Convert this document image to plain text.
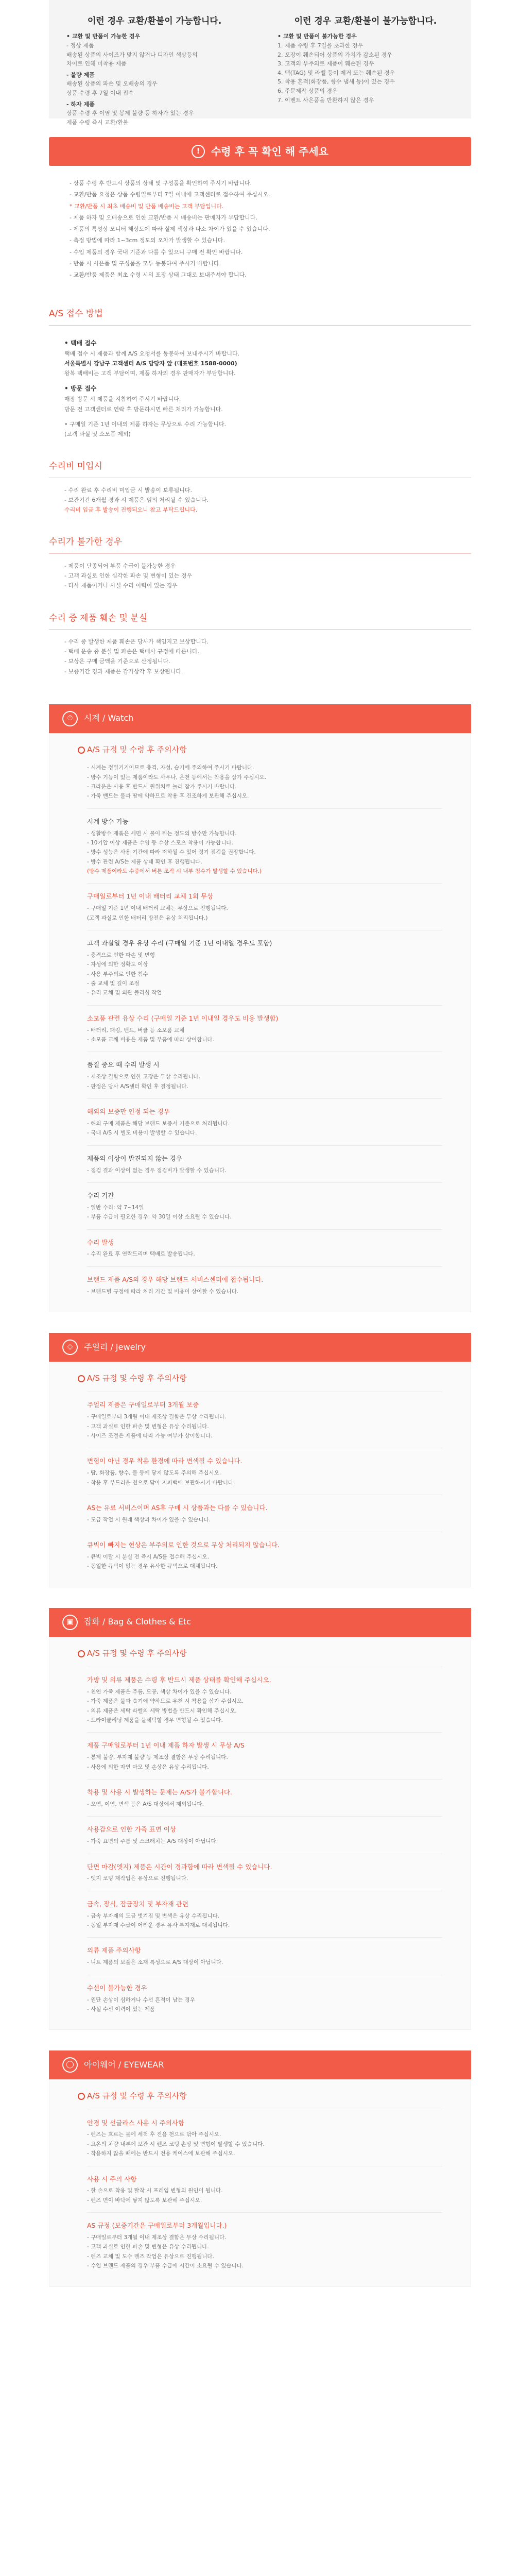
이런 경우 교환/환불이 가능합니다.
• 교환 및 반품이 가능한 경우
- 정상 제품
배송된 상품의 사이즈가 맞지 않거나 디자인 색상등의
차이로 인해 미착용 제품
- 불량 제품
배송된 상품의 파손 및 오배송의 경우
상품 수령 후 7일 이내 접수
- 하자 제품
상품 수령 후 이염 및 봉제 불량 등 하자가 있는 경우
제품 수령 즉시 교환/환불
이런 경우 교환/환불이 불가능합니다.
• 교환 및 반품이 불가능한 경우
1. 제품 수령 후 7일을 초과한 경우
2. 포장이 훼손되어 상품의 가치가 감소된 경우
3. 고객의 부주의로 제품이 훼손된 경우
4. 택(TAG) 및 라벨 등이 제거 또는 훼손된 경우
5. 착용 흔적(화장품, 향수 냄새 등)이 있는 경우
6. 주문제작 상품의 경우
7. 이벤트 사은품을 반환하지 않은 경우
!	수령 후 꼭 확인 해 주세요

- 상품 수령 후 반드시 상품의 상태 및 구성품을 확인하여 주시기 바랍니다.

- 교환/반품 요청은 상품 수령일로부터 7일 이내에 고객센터로 접수하여 주십시오.

* 교환/반품 시 최초 배송비 및 반품 배송비는 고객 부담입니다.

- 제품 하자 및 오배송으로 인한 교환/반품 시 배송비는 판매자가 부담합니다.

- 제품의 특성상 모니터 해상도에 따라 실제 색상과 다소 차이가 있을 수 있습니다.

- 측정 방법에 따라 1~3cm 정도의 오차가 발생할 수 있습니다.

- 수입 제품의 경우 국내 기준과 다를 수 있으니 구매 전 확인 바랍니다.

- 반품 시 사은품 및 구성품을 모두 동봉하여 주시기 바랍니다.

- 교환/반품 제품은 최초 수령 시의 포장 상태 그대로 보내주셔야 합니다.

A/S 접수 방법

• 택배 접수

택배 접수 시 제품과 함께 A/S 요청서를 동봉하여 보내주시기 바랍니다.

서울특별시 강남구 고객센터 A/S 담당자 앞 (대표번호 1588-0000)

왕복 택배비는 고객 부담이며, 제품 하자의 경우 판매자가 부담합니다.

• 방문 접수

매장 방문 시 제품을 지참하여 주시기 바랍니다.

방문 전 고객센터로 연락 후 방문하시면 빠른 처리가 가능합니다.

• 구매일 기준 1년 이내의 제품 하자는 무상으로 수리 가능합니다.

(고객 과실 및 소모품 제외)

수리비 미입시

- 수리 완료 후 수리비 미입금 시 발송이 보류됩니다.

- 보관기간 6개월 경과 시 제품은 임의 처리될 수 있습니다.

수리비 입금 후 발송이 진행되오니 참고 부탁드립니다.

수리가 불가한 경우

- 제품이 단종되어 부품 수급이 불가능한 경우

- 고객 과실로 인한 심각한 파손 및 변형이 있는 경우

- 타사 제품이거나 사설 수리 이력이 있는 경우

수리 중 제품 훼손 및 분실

- 수리 중 발생한 제품 훼손은 당사가 책임지고 보상합니다.

- 택배 운송 중 분실 및 파손은 택배사 규정에 따릅니다.

- 보상은 구매 금액을 기준으로 산정됩니다.

- 보증기간 경과 제품은 감가상각 후 보상됩니다.

⏱	시계 / Watch
A/S 규정 및 수령 후 주의사항

- 시계는 정밀기기이므로 충격, 자성, 습기에 주의하여 주시기 바랍니다.

- 방수 기능이 있는 제품이라도 사우나, 온천 등에서는 착용을 삼가 주십시오.

- 크라운은 사용 후 반드시 원위치로 눌러 잠가 주시기 바랍니다.

- 가죽 밴드는 물과 땀에 약하므로 착용 후 건조하게 보관해 주십시오.

시계 방수 기능

- 생활방수 제품은 세면 시 물이 튀는 정도의 방수만 가능합니다.

- 10기압 이상 제품은 수영 등 수상 스포츠 착용이 가능합니다.

- 방수 성능은 사용 기간에 따라 저하될 수 있어 정기 점검을 권장합니다.

- 방수 관련 A/S는 제품 상태 확인 후 진행됩니다.

(방수 제품이라도 수중에서 버튼 조작 시 내부 침수가 발생할 수 있습니다.)

구매일로부터 1년 이내 배터리 교체 1회 무상

- 구매일 기준 1년 이내 배터리 교체는 무상으로 진행됩니다.

(고객 과실로 인한 배터리 방전은 유상 처리됩니다.)

고객 과실일 경우 유상 수리 (구매일 기준 1년 이내일 경우도 포함)

- 충격으로 인한 파손 및 변형

- 자성에 의한 정확도 이상

- 사용 부주의로 인한 침수

- 줄 교체 및 길이 조절

- 유리 교체 및 외관 폴리싱 작업

소모품 관련 유상 수리 (구매일 기준 1년 이내일 경우도 비용 발생함)

- 배터리, 패킹, 밴드, 버클 등 소모품 교체

- 소모품 교체 비용은 제품 및 부품에 따라 상이합니다.

품질 중요 때 수리 발생 시

- 제조상 결함으로 인한 고장은 무상 수리됩니다.

- 판정은 당사 A/S센터 확인 후 결정됩니다.

해외의 보증만 인정 되는 경우

- 해외 구매 제품은 해당 브랜드 보증서 기준으로 처리됩니다.

- 국내 A/S 시 별도 비용이 발생할 수 있습니다.

제품의 이상이 발견되지 않는 경우

- 점검 결과 이상이 없는 경우 점검비가 발생할 수 있습니다.

수리 기간

- 일반 수리: 약 7~14일

- 부품 수급이 필요한 경우: 약 30일 이상 소요될 수 있습니다.

수리 발생

- 수리 완료 후 연락드리며 택배로 발송됩니다.

브랜드 제품 A/S의 경우 해당 브랜드 서비스센터에 접수됩니다.

- 브랜드별 규정에 따라 처리 기간 및 비용이 상이할 수 있습니다.

◇	주얼리 / Jewelry
A/S 규정 및 수령 후 주의사항
주얼리 제품은 구매일로부터 3개월 보증

- 구매일로부터 3개월 이내 제조상 결함은 무상 수리됩니다.

- 고객 과실로 인한 파손 및 변형은 유상 수리됩니다.

- 사이즈 조절은 제품에 따라 가능 여부가 상이합니다.

변형이 아닌 경우 착용 환경에 따라 변색될 수 있습니다.

- 땀, 화장품, 향수, 물 등에 닿지 않도록 주의해 주십시오.

- 착용 후 부드러운 천으로 닦아 지퍼백에 보관하시기 바랍니다.

AS는 유료 서비스이며 AS후 구매 시 상품과는 다를 수 있습니다.

- 도금 작업 시 원래 색상과 차이가 있을 수 있습니다.

큐빅이 빠지는 현상은 부주의로 인한 것으로 무상 처리되지 않습니다.

- 큐빅 이탈 시 분실 전 즉시 A/S를 접수해 주십시오.

- 동일한 큐빅이 없는 경우 유사한 큐빅으로 대체됩니다.

▣	잡화 / Bag & Clothes & Etc
A/S 규정 및 수령 후 주의사항
가방 및 의류 제품은 수령 후 반드시 제품 상태를 확인해 주십시오.

- 천연 가죽 제품은 주름, 모공, 색상 차이가 있을 수 있습니다.

- 가죽 제품은 물과 습기에 약하므로 우천 시 착용을 삼가 주십시오.

- 의류 제품은 세탁 라벨의 세탁 방법을 반드시 확인해 주십시오.

- 드라이클리닝 제품을 물세탁할 경우 변형될 수 있습니다.

제품 구매일로부터 1년 이내 제품 하자 발생 시 무상 A/S

- 봉제 불량, 부자재 불량 등 제조상 결함은 무상 수리됩니다.

- 사용에 의한 자연 마모 및 손상은 유상 수리됩니다.

착용 및 사용 시 발생하는 문제는 A/S가 불가합니다.

- 오염, 이염, 변색 등은 A/S 대상에서 제외됩니다.

사용감으로 인한 가죽 표면 이상

- 가죽 표면의 주름 및 스크래치는 A/S 대상이 아닙니다.

단면 마감(엣지) 제품은 시간이 경과함에 따라 변색될 수 있습니다.

- 엣지 코팅 재작업은 유상으로 진행됩니다.

금속, 장식, 잠금장치 및 부자재 관련

- 금속 부자재의 도금 벗겨짐 및 변색은 유상 수리됩니다.

- 동일 부자재 수급이 어려운 경우 유사 부자재로 대체됩니다.

의류 제품 주의사항

- 니트 제품의 보풀은 소재 특성으로 A/S 대상이 아닙니다.

수선이 불가능한 경우

- 원단 손상이 심하거나 수선 흔적이 남는 경우

- 사설 수선 이력이 있는 제품

◯	아이웨어 / EYEWEAR
A/S 규정 및 수령 후 주의사항
안경 및 선글라스 사용 시 주의사항

- 렌즈는 흐르는 물에 세척 후 전용 천으로 닦아 주십시오.

- 고온의 차량 내부에 보관 시 렌즈 코팅 손상 및 변형이 발생할 수 있습니다.

- 착용하지 않을 때에는 반드시 전용 케이스에 보관해 주십시오.

사용 시 주의 사항

- 한 손으로 착용 및 탈착 시 프레임 변형의 원인이 됩니다.

- 렌즈 면이 바닥에 닿지 않도록 보관해 주십시오.

AS 규정 (보증기간은 구매일로부터 3개월입니다.)

- 구매일로부터 3개월 이내 제조상 결함은 무상 수리됩니다.

- 고객 과실로 인한 파손 및 변형은 유상 수리됩니다.

- 렌즈 교체 및 도수 렌즈 작업은 유상으로 진행됩니다.

- 수입 브랜드 제품의 경우 부품 수급에 시간이 소요될 수 있습니다.
